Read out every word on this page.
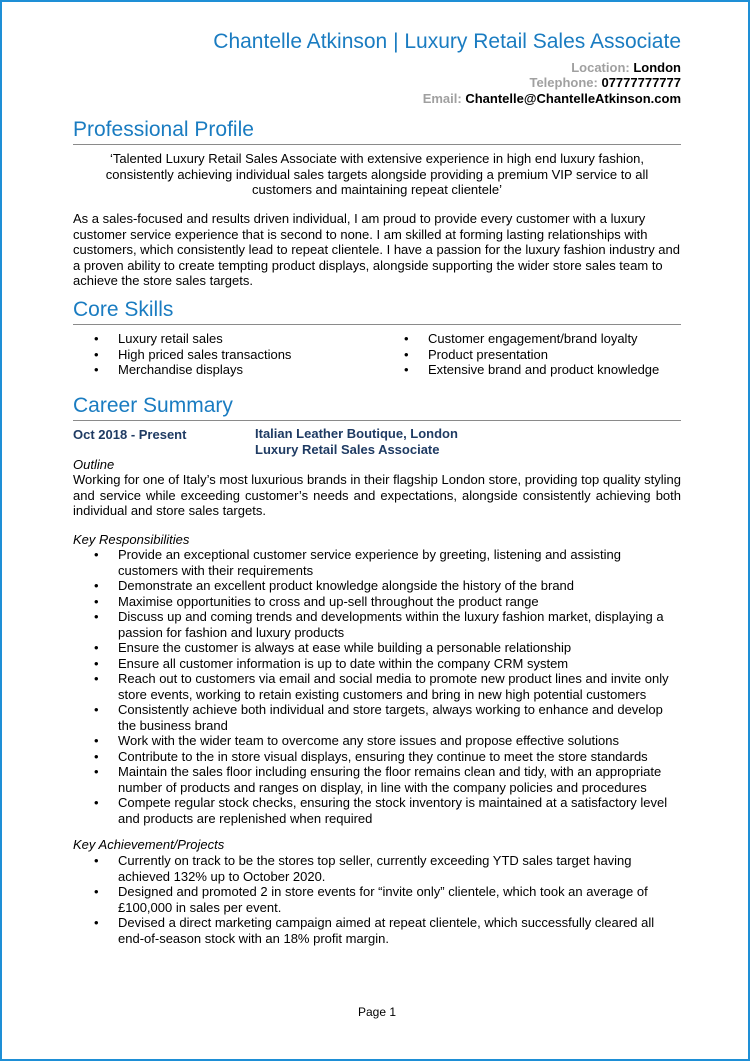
Chantelle Atkinson | Luxury Retail Sales Associate
Location: London
Telephone: 07777777777
Email: Chantelle@ChantelleAtkinson.com
Professional Profile
‘Talented Luxury Retail Sales Associate with extensive experience in high end luxury fashion, consistently achieving individual sales targets alongside providing a premium VIP service to all customers and maintaining repeat clientele’
As a sales-focused and results driven individual, I am proud to provide every customer with a luxury customer service experience that is second to none. I am skilled at forming lasting relationships with customers, which consistently lead to repeat clientele. I have a passion for the luxury fashion industry and a proven ability to create tempting product displays, alongside supporting the wider store sales team to achieve the store sales targets.
Core Skills
• Luxury retail sales
• High priced sales transactions
• Merchandise displays
• Customer engagement/brand loyalty
• Product presentation
• Extensive brand and product knowledge
Career Summary
Oct 2018 - Present	Italian Leather Boutique, London
Luxury Retail Sales Associate
Outline
Working for one of Italy’s most luxurious brands in their flagship London store, providing top quality styling and service while exceeding customer’s needs and expectations, alongside consistently achieving both individual and store sales targets.
Key Responsibilities
• Provide an exceptional customer service experience by greeting, listening and assisting customers with their requirements
• Demonstrate an excellent product knowledge alongside the history of the brand
• Maximise opportunities to cross and up-sell throughout the product range
• Discuss up and coming trends and developments within the luxury fashion market, displaying a passion for fashion and luxury products
• Ensure the customer is always at ease while building a personable relationship
• Ensure all customer information is up to date within the company CRM system
• Reach out to customers via email and social media to promote new product lines and invite only store events, working to retain existing customers and bring in new high potential customers
• Consistently achieve both individual and store targets, always working to enhance and develop the business brand
• Work with the wider team to overcome any store issues and propose effective solutions
• Contribute to the in store visual displays, ensuring they continue to meet the store standards
• Maintain the sales floor including ensuring the floor remains clean and tidy, with an appropriate number of products and ranges on display, in line with the company policies and procedures
• Compete regular stock checks, ensuring the stock inventory is maintained at a satisfactory level and products are replenished when required
Key Achievement/Projects
• Currently on track to be the stores top seller, currently exceeding YTD sales target having achieved 132% up to October 2020.
• Designed and promoted 2 in store events for “invite only” clientele, which took an average of £100,000 in sales per event.
• Devised a direct marketing campaign aimed at repeat clientele, which successfully cleared all end-of-season stock with an 18% profit margin.
Page 1
